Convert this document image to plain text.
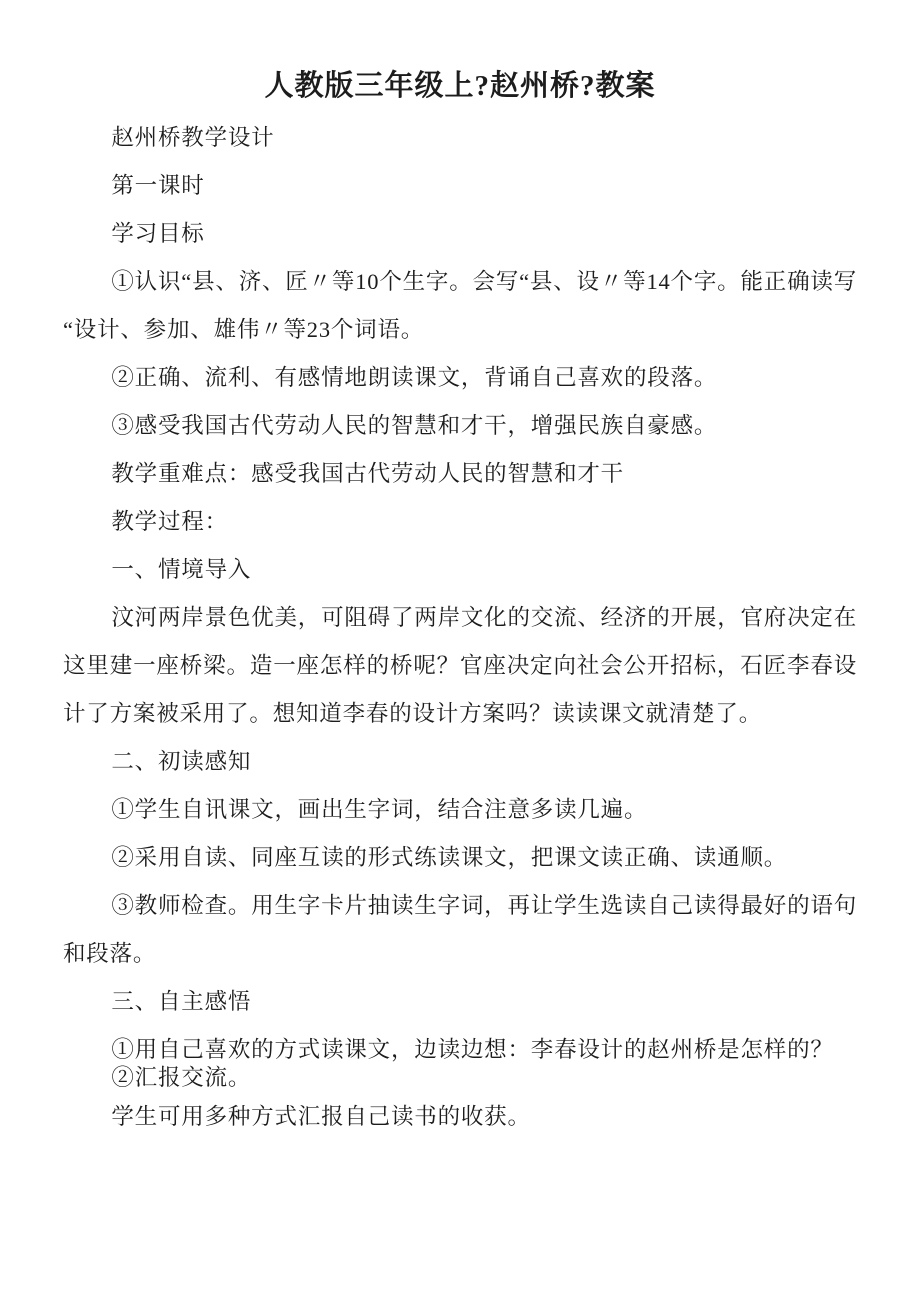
人教版三年级上?赵州桥?教案

赵州桥教学设计

第一课时

学习目标

①认识“县、济、匠〃等10个生字。会写“县、设〃等14个字。能正确读写“设计、参加、雄伟〃等23个词语。

②正确、流利、有感情地朗读课文，背诵自己喜欢的段落。

③感受我国古代劳动人民的智慧和才干，增强民族自豪感。

教学重难点：感受我国古代劳动人民的智慧和才干

教学过程：

一、情境导入

汶河两岸景色优美，可阻碍了两岸文化的交流、经济的开展，官府决定在这里建一座桥梁。造一座怎样的桥呢？官座决定向社会公开招标，石匠李春设计了方案被采用了。想知道李春的设计方案吗？读读课文就清楚了。

二、初读感知

①学生自讯课文，画出生字词，结合注意多读几遍。

②采用自读、同座互读的形式练读课文，把课文读正确、读通顺。

③教师检查。用生字卡片抽读生字词，再让学生选读自己读得最好的语句和段落。

三、自主感悟

①用自己喜欢的方式读课文，边读边想：李春设计的赵州桥是怎样的？

②汇报交流。

学生可用多种方式汇报自己读书的收获。
